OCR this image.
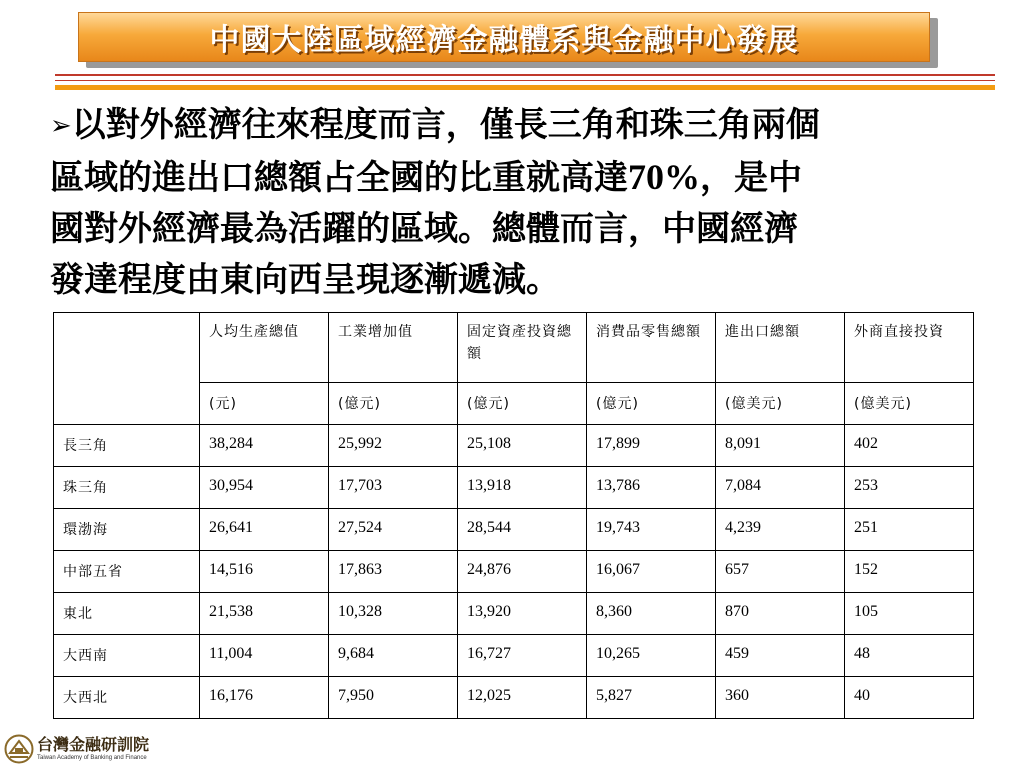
中國大陸區域經濟金融體系與金融中心發展
➢以對外經濟往來程度而言，僅長三角和珠三角兩個
區域的進出口總額占全國的比重就高達70%，是中
國對外經濟最為活躍的區域。總體而言，中國經濟
發達程度由東向西呈現逐漸遞減。
	人均生產總值	工業增加值	固定資產投資總額	消費品零售總額	進出口總額	外商直接投資
	(元)	(億元)	(億元)	(億元)	(億美元)	(億美元)
長三角	38,284	25,992	25,108	17,899	8,091	402
珠三角	30,954	17,703	13,918	13,786	7,084	253
環渤海	26,641	27,524	28,544	19,743	4,239	251
中部五省	14,516	17,863	24,876	16,067	657	152
東北	21,538	10,328	13,920	8,360	870	105
大西南	11,004	9,684	16,727	10,265	459	48
大西北	16,176	7,950	12,025	5,827	360	40
台灣金融研訓院
Taiwan Academy of Banking and Finance
